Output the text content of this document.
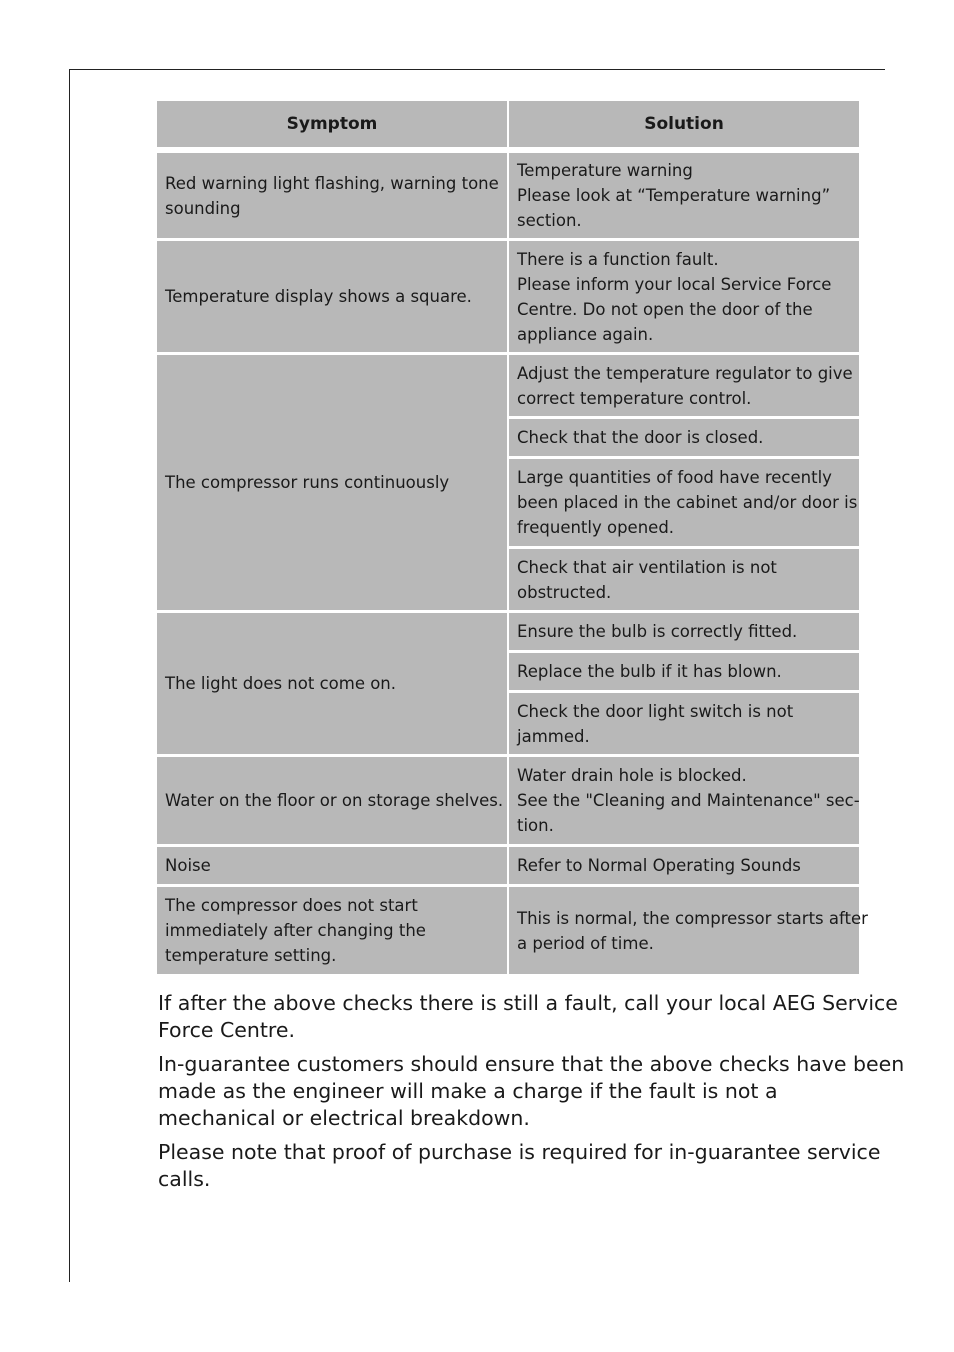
Symptom	Solution
Red warning light flashing, warning tone
sounding
Temperature warning
Please look at “Temperature warning”
section.
Temperature display shows a square.
There is a function fault.
Please inform your local Service Force
Centre. Do not open the door of the
appliance again.
The compressor runs continuously
Adjust the temperature regulator to give
correct temperature control.
Check that the door is closed.
Large quantities of food have recently
been placed in the cabinet and/or door is
frequently opened.
Check that air ventilation is not
obstructed.
The light does not come on.
Ensure the bulb is correctly fitted.
Replace the bulb if it has blown.
Check the door light switch is not
jammed.
Water on the floor or on storage shelves.
Water drain hole is blocked.
See the "Cleaning and Maintenance" sec-
tion.
Noise	Refer to Normal Operating Sounds
The compressor does not start
immediately after changing the
temperature setting.
This is normal, the compressor starts after
a period of time.
If after the above checks there is still a fault, call your local AEG Service
Force Centre.
In-guarantee customers should ensure that the above checks have been
made as the engineer will make a charge if the fault is not a
mechanical or electrical breakdown.
Please note that proof of purchase is required for in-guarantee service
calls.
